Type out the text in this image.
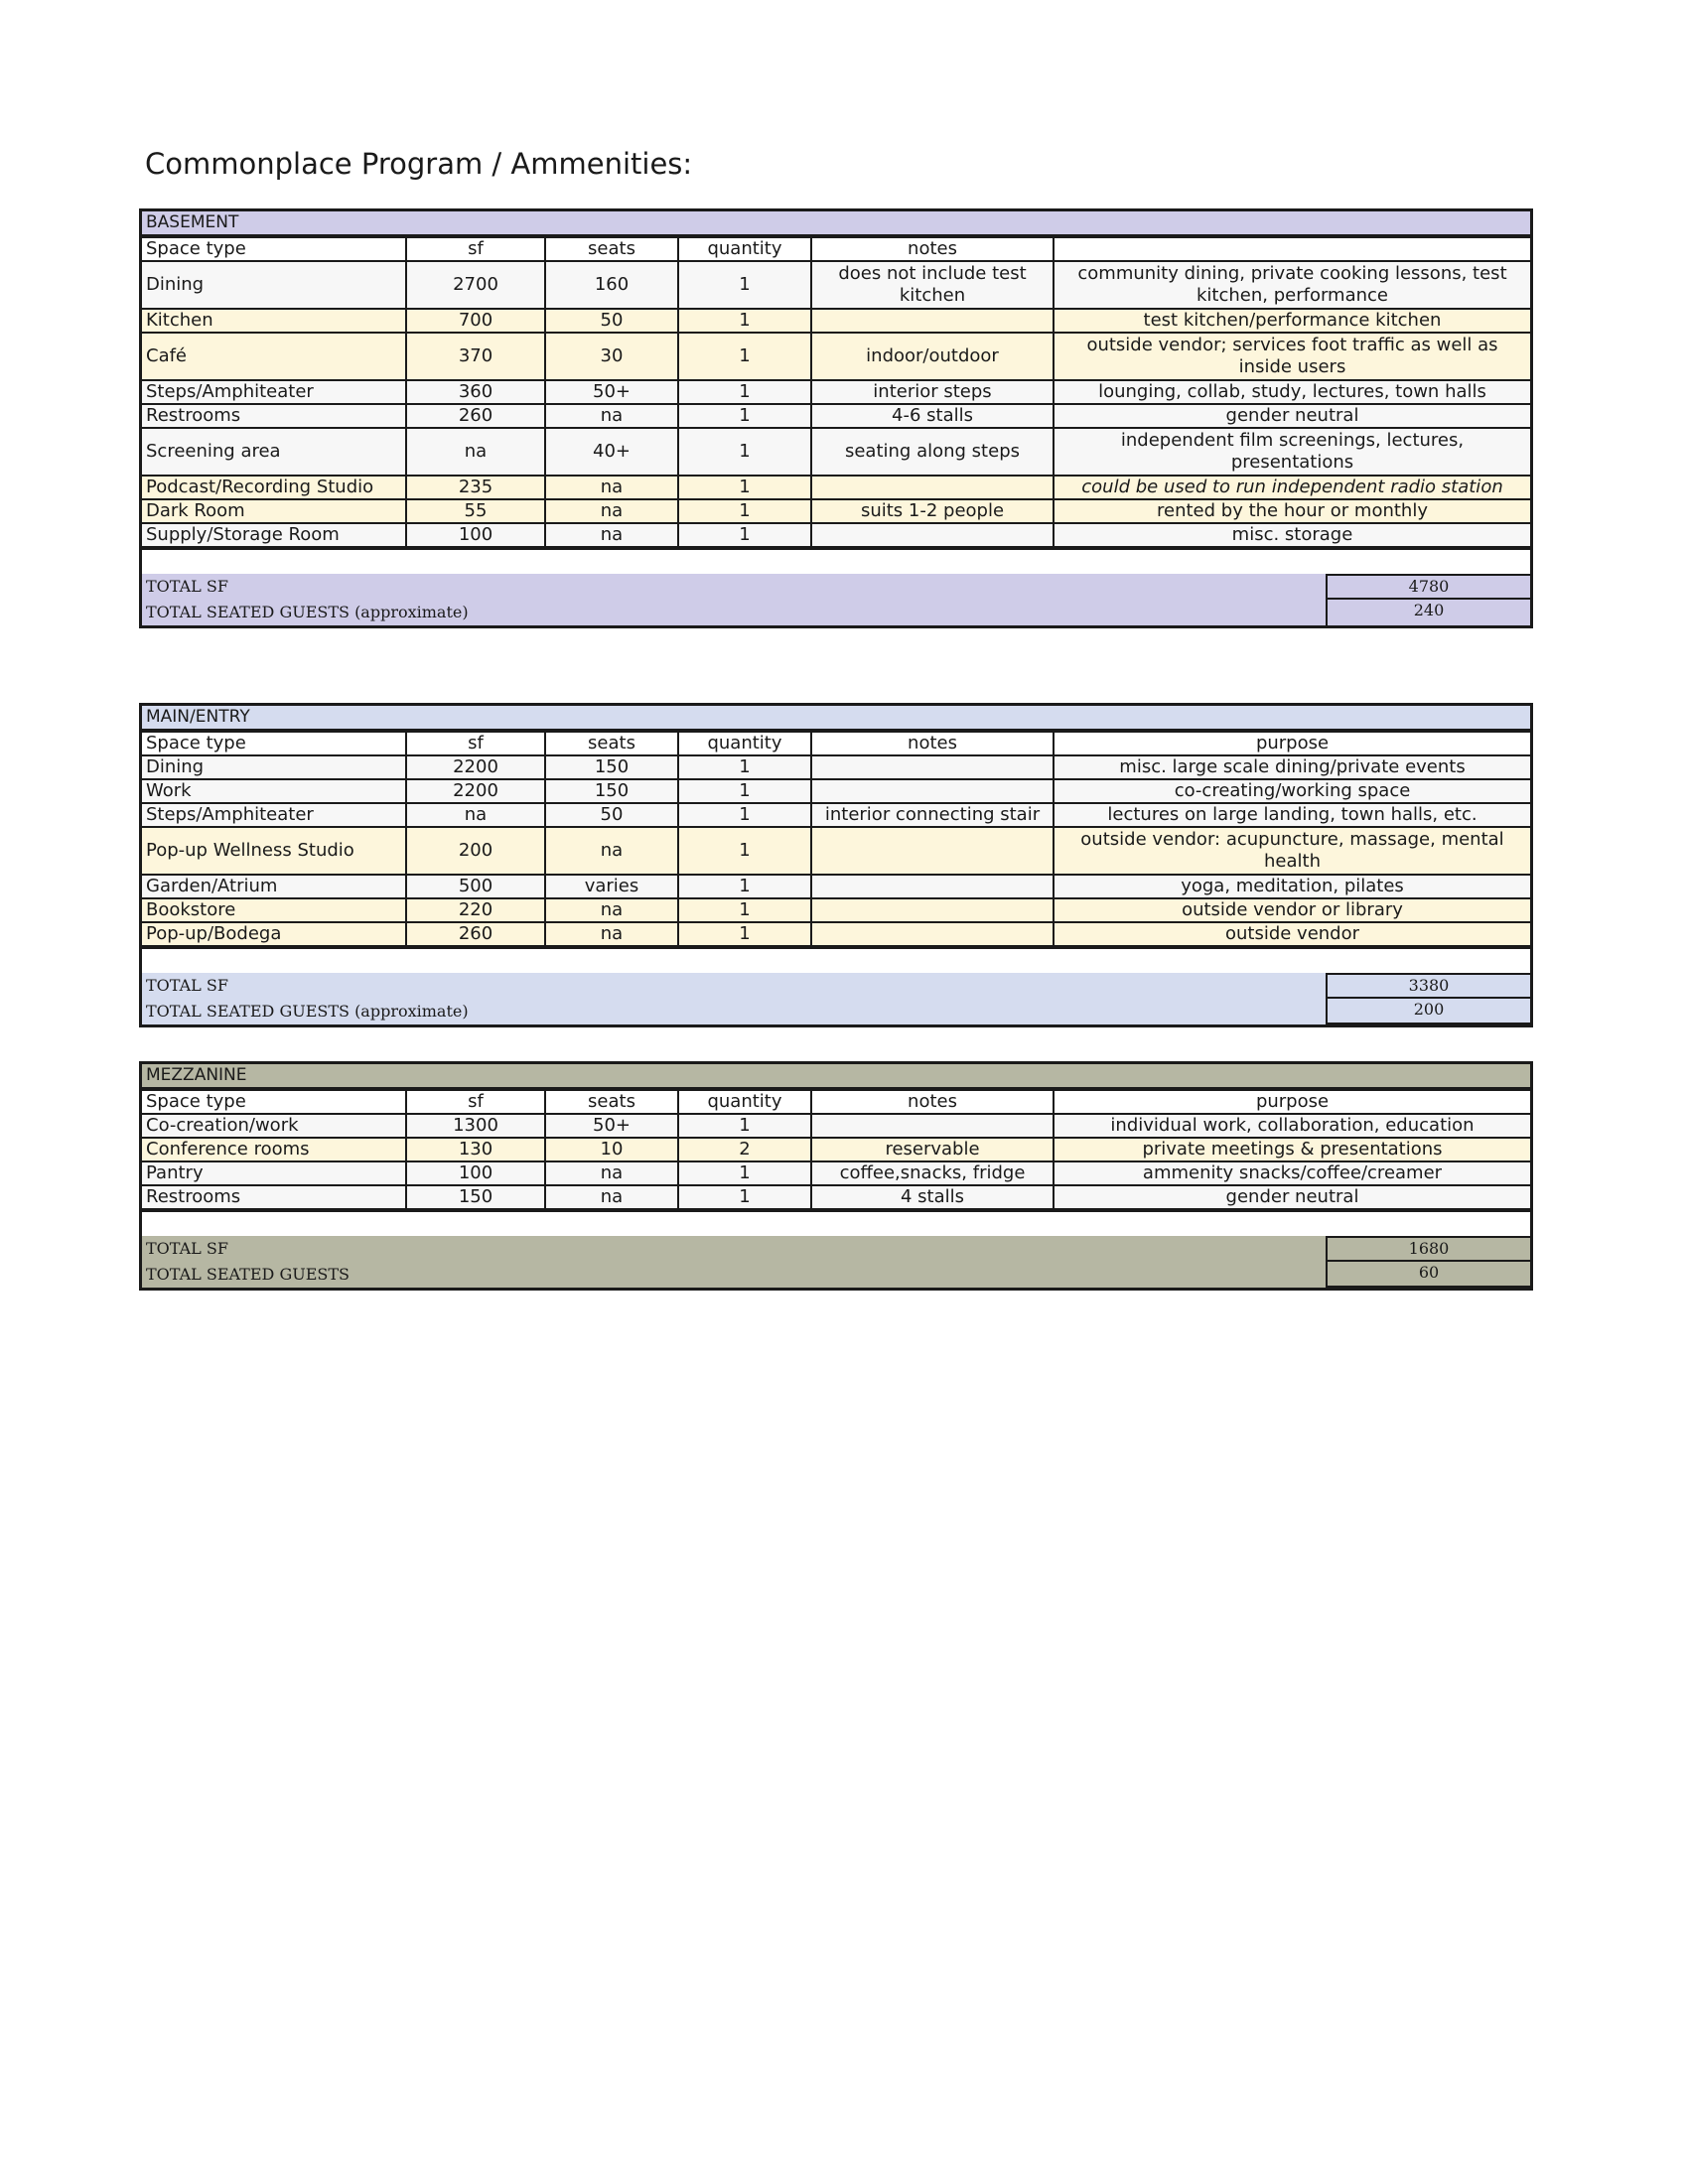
Commonplace Program / Ammenities:
BASEMENT
Space type	sf	seats	quantity	notes	
Dining	2700	160	1	does not include test kitchen	community dining, private cooking lessons, test kitchen, performance
Kitchen	700	50	1		test kitchen/performance kitchen
Café	370	30	1	indoor/outdoor	outside vendor; services foot traffic as well as inside users
Steps/Amphiteater	360	50+	1	interior steps	lounging, collab, study, lectures, town halls
Restrooms	260	na	1	4-6 stalls	gender neutral
Screening area	na	40+	1	seating along steps	independent film screenings, lectures, presentations
Podcast/Recording Studio	235	na	1		could be used to run independent radio station
Dark Room	55	na	1	suits 1-2 people	rented by the hour or monthly
Supply/Storage Room	100	na	1		misc. storage
TOTAL SF	4780
TOTAL SEATED GUESTS (approximate)	240
MAIN/ENTRY
Space type	sf	seats	quantity	notes	purpose
Dining	2200	150	1		misc. large scale dining/private events
Work	2200	150	1		co-creating/working space
Steps/Amphiteater	na	50	1	interior connecting stair	lectures on large landing, town halls, etc.
Pop-up Wellness Studio	200	na	1		outside vendor: acupuncture, massage, mental health
Garden/Atrium	500	varies	1		yoga, meditation, pilates
Bookstore	220	na	1		outside vendor or library
Pop-up/Bodega	260	na	1		outside vendor
TOTAL SF	3380
TOTAL SEATED GUESTS (approximate)	200
MEZZANINE
Space type	sf	seats	quantity	notes	purpose
Co-creation/work	1300	50+	1		individual work, collaboration, education
Conference rooms	130	10	2	reservable	private meetings & presentations
Pantry	100	na	1	coffee,snacks, fridge	ammenity snacks/coffee/creamer
Restrooms	150	na	1	4 stalls	gender neutral
TOTAL SF	1680
TOTAL SEATED GUESTS	60
